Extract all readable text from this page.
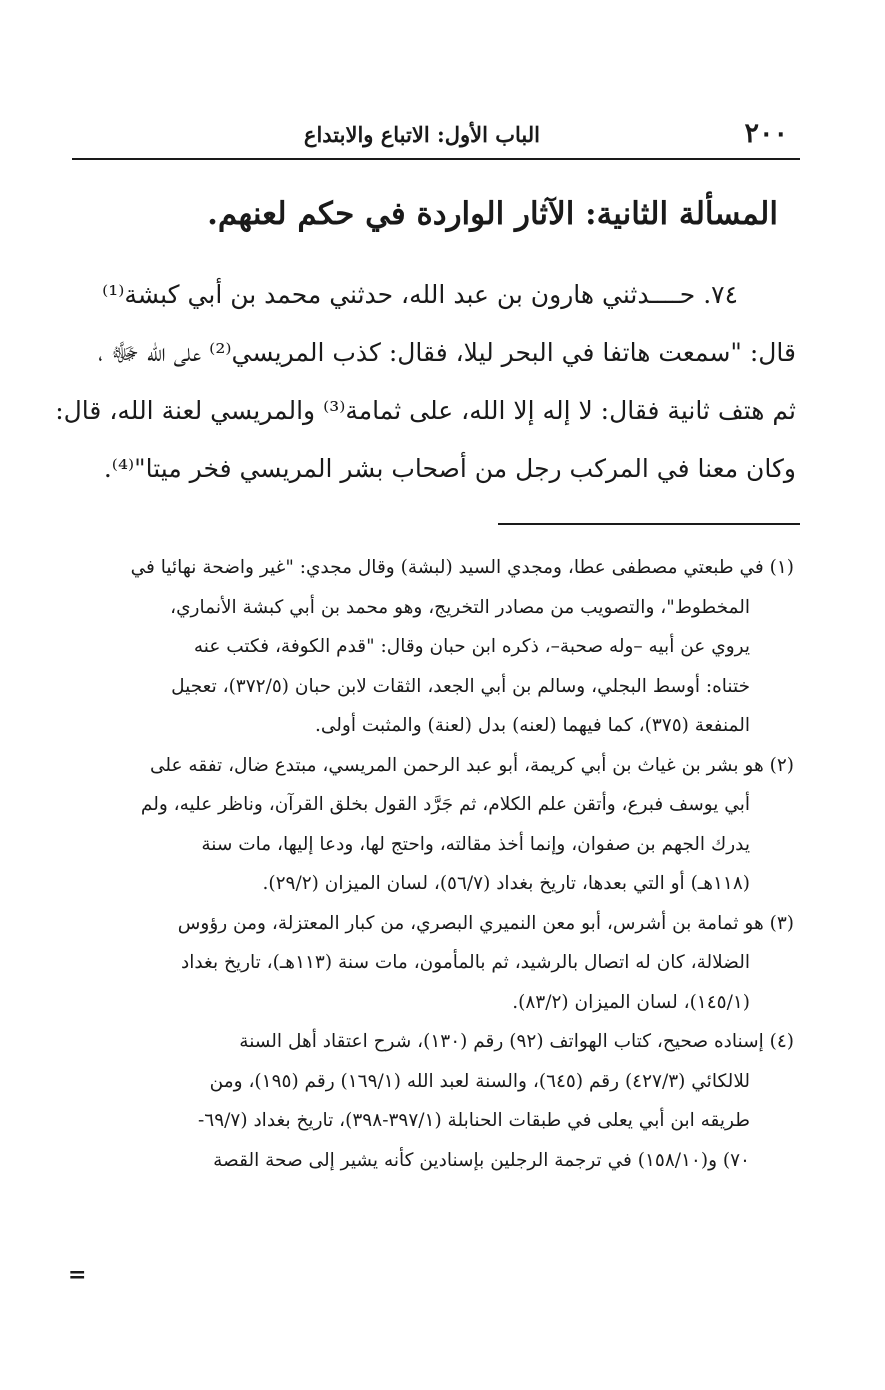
٢٠٠
الباب الأول: الاتباع والابتداع
المسألة الثانية: الآثار الواردة في حكم لعنهم.
٧٤. حــــدثني هارون بن عبد الله، حدثني محمد بن أبي كبشة⁽¹⁾
قال: "سمعت هاتفا في البحر ليلا، فقال: كذب المريسي⁽²⁾ على الله ﷻ ،
ثم هتف ثانية فقال: لا إله إلا الله، على ثمامة⁽³⁾ والمريسي لعنة الله، قال:
وكان معنا في المركب رجل من أصحاب بشر المريسي فخر ميتا"⁽⁴⁾.
(١) في طبعتي مصطفى عطا، ومجدي السيد (لبشة) وقال مجدي: "غير واضحة نهائيا في
المخطوط"، والتصويب من مصادر التخريج، وهو محمد بن أبي كبشة الأنماري،
يروي عن أبيه –وله صحبة–، ذكره ابن حبان وقال: "قدم الكوفة، فكتب عنه
ختناه: أوسط البجلي، وسالم بن أبي الجعد، الثقات لابن حبان (٣٧٢/٥)، تعجيل
المنفعة (٣٧٥)، كما فيهما (لعنه) بدل (لعنة) والمثبت أولى.
(٢) هو بشر بن غياث بن أبي كريمة، أبو عبد الرحمن المريسي، مبتدع ضال، تفقه على
أبي يوسف فبرع، وأتقن علم الكلام، ثم جَرَّد القول بخلق القرآن، وناظر عليه، ولم
يدرك الجهم بن صفوان، وإنما أخذ مقالته، واحتج لها، ودعا إليها، مات سنة
(١١٨هـ) أو التي بعدها، تاريخ بغداد (٥٦/٧)، لسان الميزان (٢٩/٢).
(٣) هو ثمامة بن أشرس، أبو معن النميري البصري، من كبار المعتزلة، ومن رؤوس
الضلالة، كان له اتصال بالرشيد، ثم بالمأمون، مات سنة (١١٣هـ)، تاريخ بغداد
(١٤٥/١)، لسان الميزان (٨٣/٢).
(٤) إسناده صحيح، كتاب الهواتف (٩٢) رقم (١٣٠)، شرح اعتقاد أهل السنة
للالكائي (٤٢٧/٣) رقم (٦٤٥)، والسنة لعبد الله (١٦٩/١) رقم (١٩٥)، ومن
طريقه ابن أبي يعلى في طبقات الحنابلة (٣٩٧/١-٣٩٨)، تاريخ بغداد (٦٩/٧-
٧٠) و(١٥٨/١٠) في ترجمة الرجلين بإسنادين كأنه يشير إلى صحة القصة
=
